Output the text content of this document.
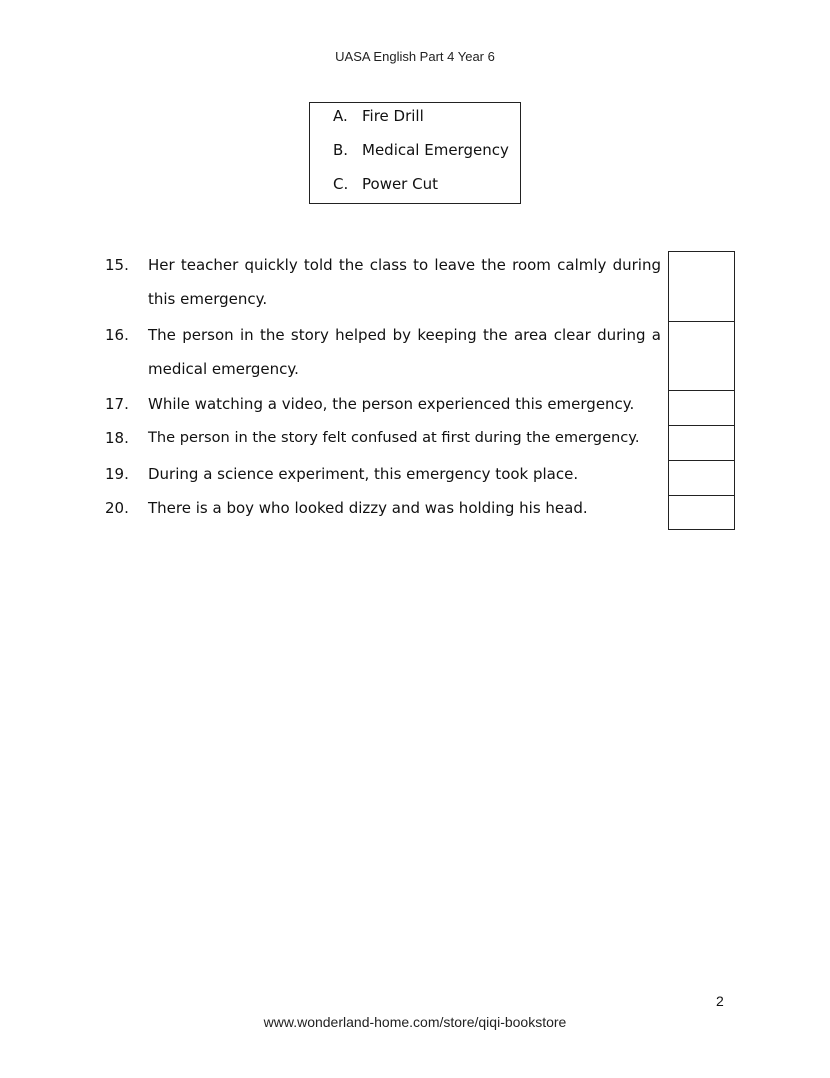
UASA English Part 4 Year 6
A. Fire Drill
B. Medical Emergency
C. Power Cut
15.	Her teacher quickly told the class to leave the room calmly during this emergency.
16.	The person in the story helped by keeping the area clear during a medical emergency.
17.	While watching a video, the person experienced this emergency.
18.	The person in the story felt confused at first during the emergency.
19.	During a science experiment, this emergency took place.
20.	There is a boy who looked dizzy and was holding his head.
2
www.wonderland-home.com/store/qiqi-bookstore
